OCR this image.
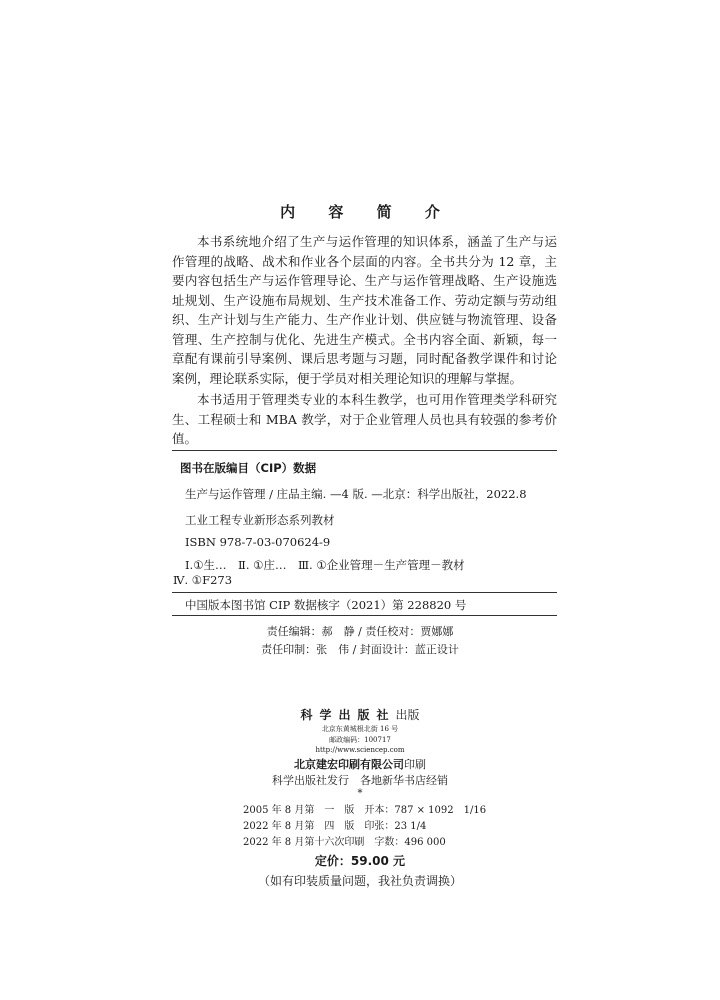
内 容 简 介

本书系统地介绍了生产与运作管理的知识体系，涵盖了生产与运作管理的战略、战术和作业各个层面的内容。全书共分为 12 章，主要内容包括生产与运作管理导论、生产与运作管理战略、生产设施选址规划、生产设施布局规划、生产技术准备工作、劳动定额与劳动组织、生产计划与生产能力、生产作业计划、供应链与物流管理、设备管理、生产控制与优化、先进生产模式。全书内容全面、新颖，每一章配有课前引导案例、课后思考题与习题，同时配备教学课件和讨论案例，理论联系实际，便于学员对相关理论知识的理解与掌握。

本书适用于管理类专业的本科生教学，也可用作管理类学科研究生、工程硕士和 MBA 教学，对于企业管理人员也具有较强的参考价值。

图书在版编目（CIP）数据
生产与运作管理 / 庄品主编. —4 版. —北京：科学出版社，2022.8
工业工程专业新形态系列教材
ISBN 978-7-03-070624-9
Ⅰ.①生…　Ⅱ. ①庄…　Ⅲ. ①企业管理－生产管理－教材
Ⅳ. ①F273
中国版本图书馆 CIP 数据核字（2021）第 228820 号
责任编辑：郝　静 / 责任校对：贾娜娜
责任印制：张　伟 / 封面设计：蓝正设计
科学出版社出版
北京东黄城根北街 16 号
邮政编码：100717
http://www.sciencep.com
北京建宏印刷有限公司印刷
科学出版社发行　各地新华书店经销
*
2005 年 8 月第　一　版　开本：787 × 1092　1/16
2022 年 8 月第　四　版　印张：23 1/4
2022 年 8 月第十六次印刷　字数：496 000
定价：59.00 元
（如有印装质量问题，我社负责调换）
